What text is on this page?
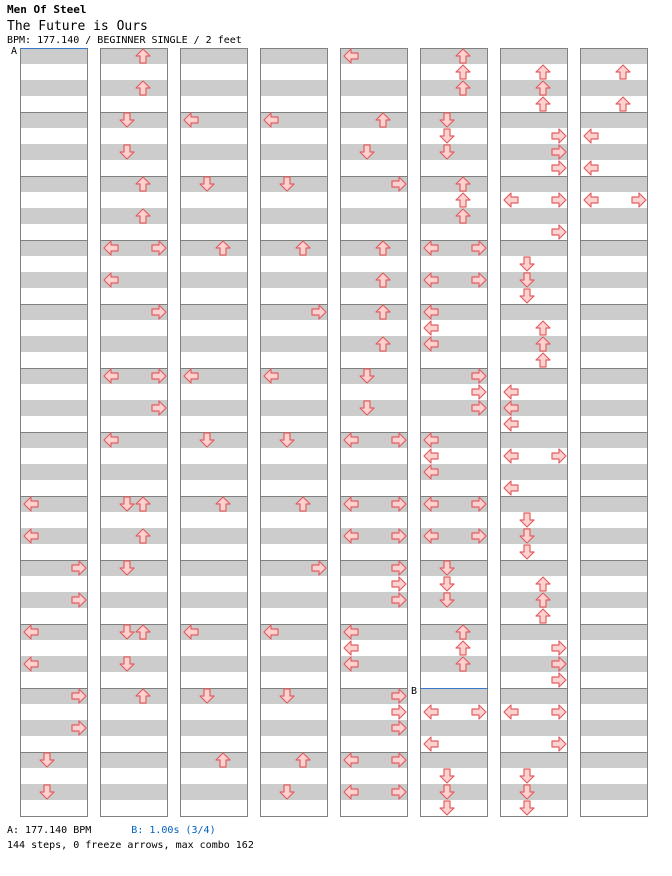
Men Of Steel
The Future is Ours
BPM: 177.140 / BEGINNER SINGLE / 2 feet
A
B
A: 177.140 BPM	B: 1.00s (3/4)
144 steps, 0 freeze arrows, max combo 162
